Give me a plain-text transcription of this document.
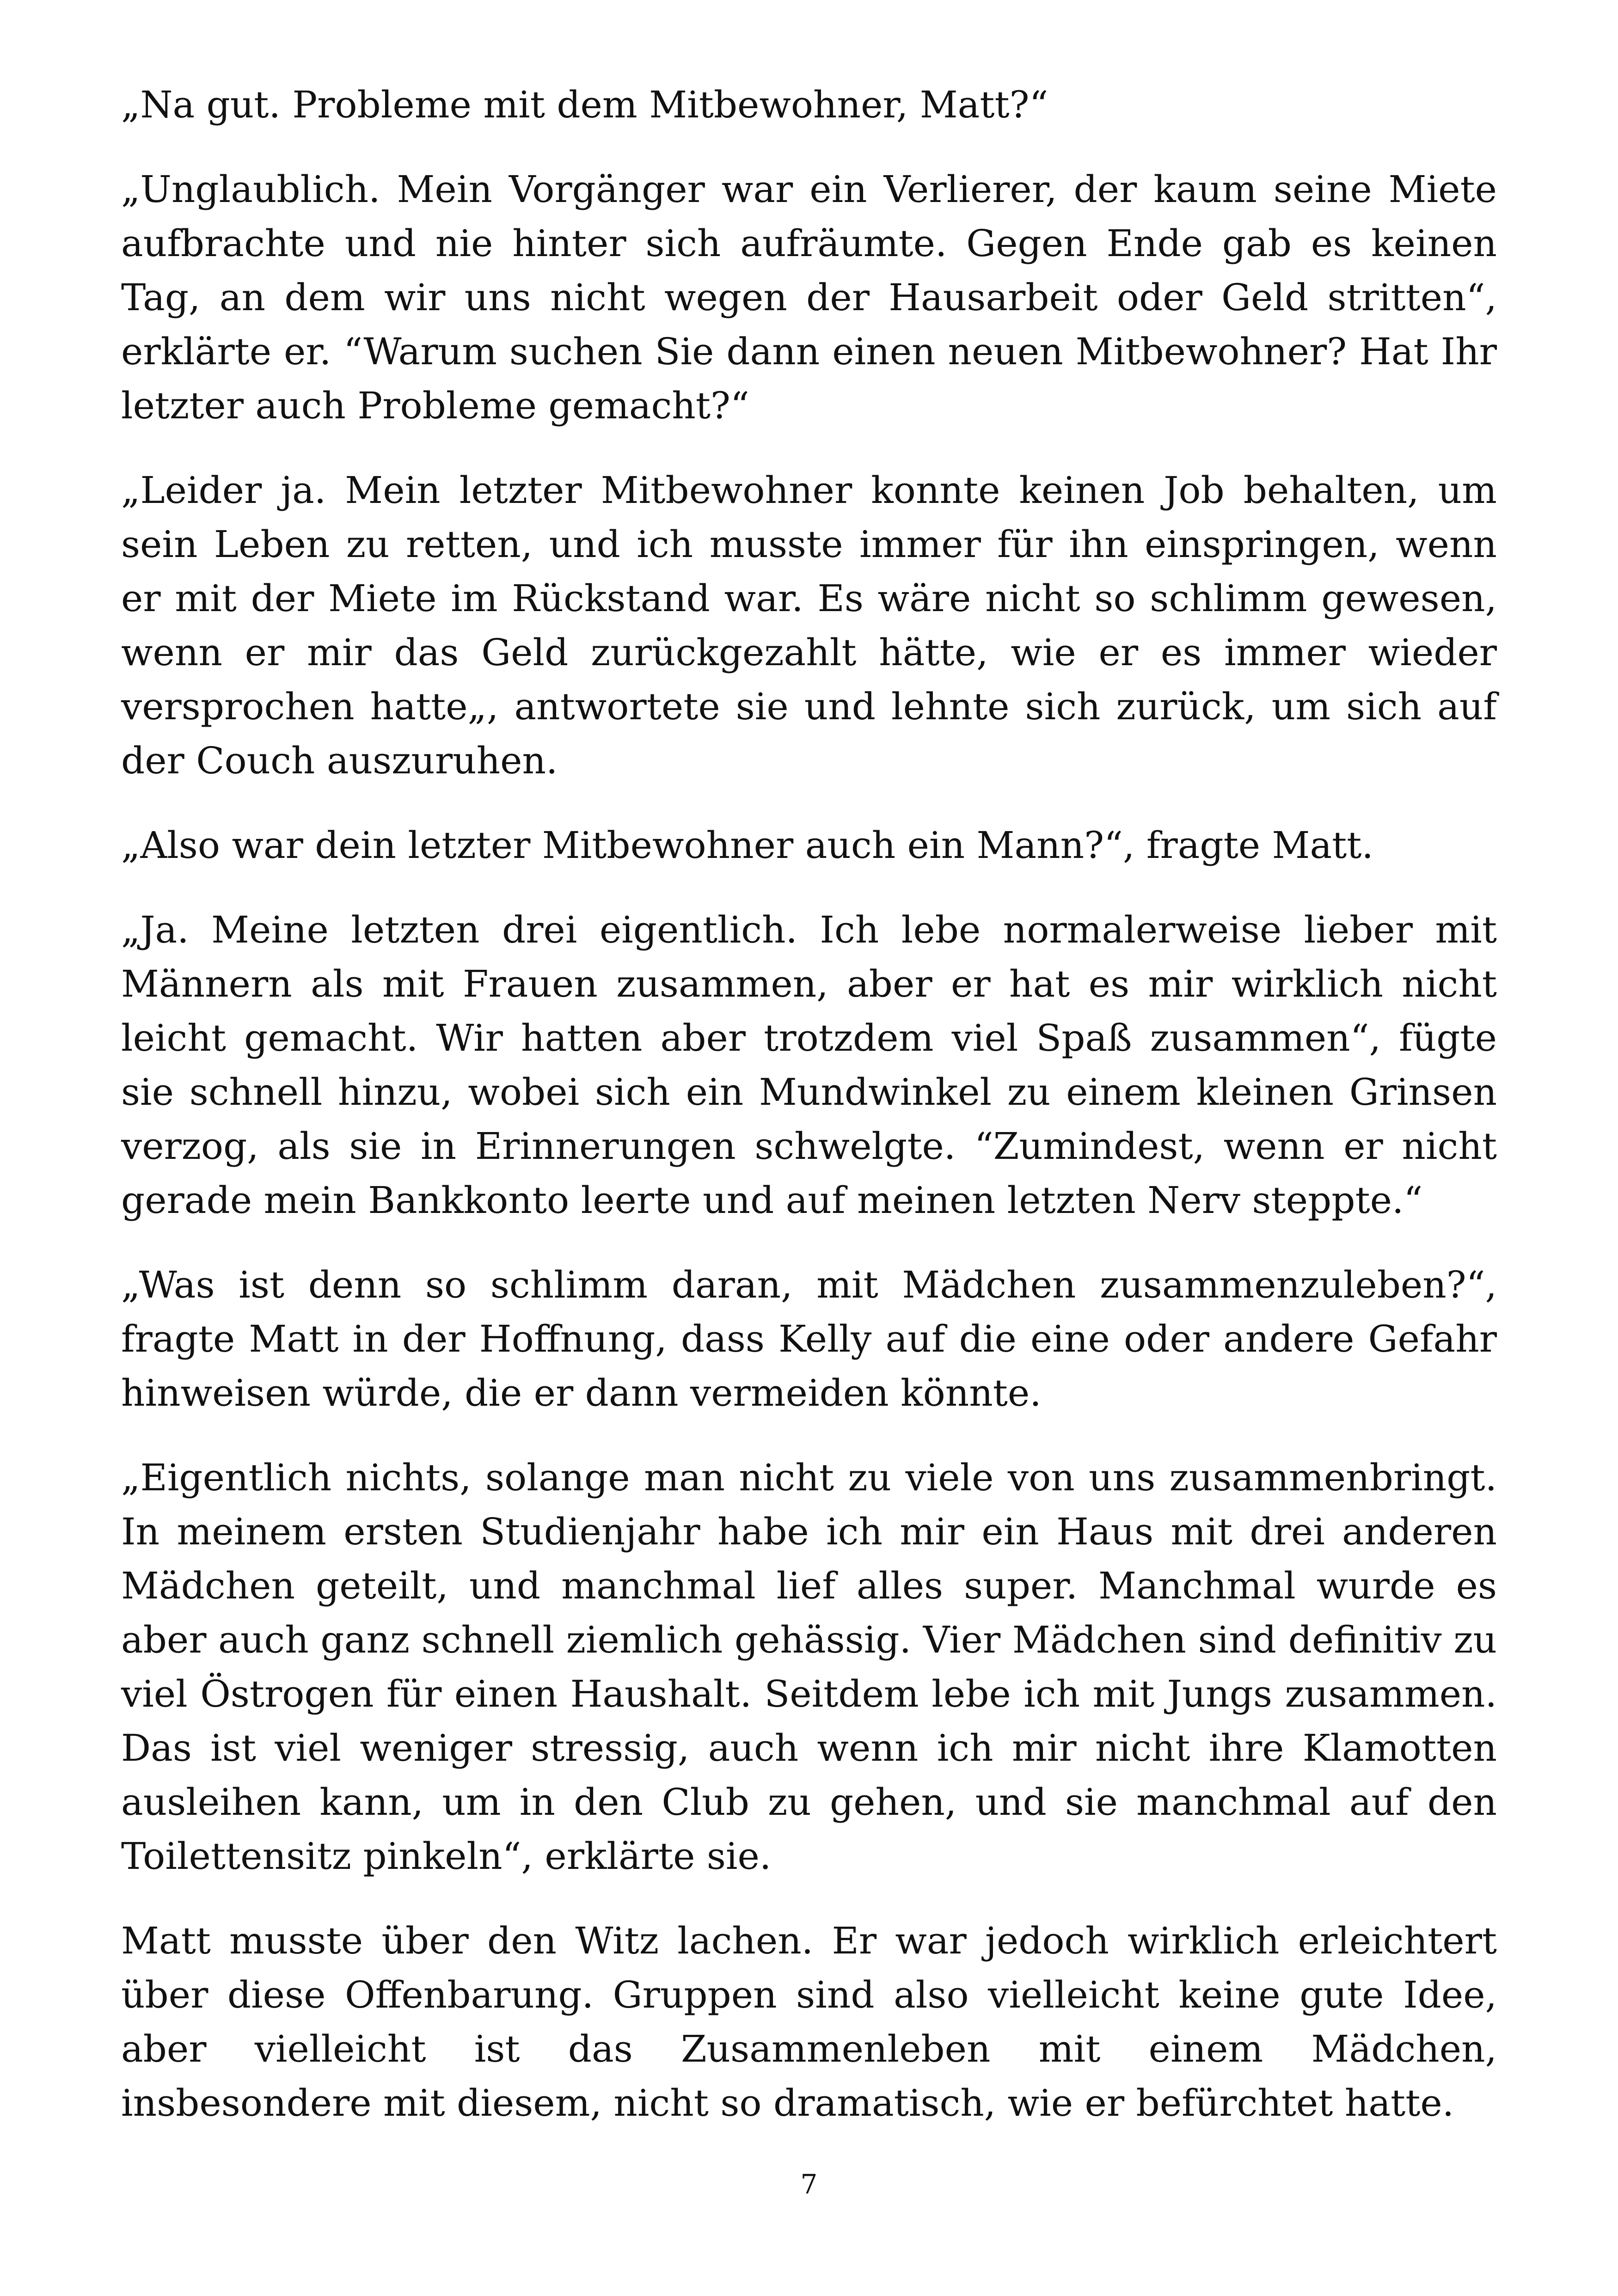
„Na gut. Probleme mit dem Mitbewohner, Matt?“

„Unglaublich. Mein Vorgänger war ein Verlierer, der kaum seine Miete aufbrachte und nie hinter sich aufräumte. Gegen Ende gab es keinen Tag, an dem wir uns nicht wegen der Hausarbeit oder Geld stritten“, erklärte er. “Warum suchen Sie dann einen neuen Mitbewohner? Hat Ihr letzter auch Probleme gemacht?“

„Leider ja. Mein letzter Mitbewohner konnte keinen Job behalten, um sein Leben zu retten, und ich musste immer für ihn einspringen, wenn er mit der Miete im Rückstand war. Es wäre nicht so schlimm gewesen, wenn er mir das Geld zurückgezahlt hätte, wie er es immer wieder versprochen hatte„, antwortete sie und lehnte sich zurück, um sich auf der Couch auszuruhen.

„Also war dein letzter Mitbewohner auch ein Mann?“, fragte Matt.

„Ja. Meine letzten drei eigentlich. Ich lebe normalerweise lieber mit Männern als mit Frauen zusammen, aber er hat es mir wirklich nicht leicht gemacht. Wir hatten aber trotzdem viel Spaß zusammen“, fügte sie schnell hinzu, wobei sich ein Mundwinkel zu einem kleinen Grinsen verzog, als sie in Erinnerungen schwelgte. “Zumindest, wenn er nicht gerade mein Bankkonto leerte und auf meinen letzten Nerv steppte.“

„Was ist denn so schlimm daran, mit Mädchen zusammenzuleben?“, fragte Matt in der Hoffnung, dass Kelly auf die eine oder andere Gefahr hinweisen würde, die er dann vermeiden könnte.

„Eigentlich nichts, solange man nicht zu viele von uns zusammenbringt. In meinem ersten Studienjahr habe ich mir ein Haus mit drei anderen Mädchen geteilt, und manchmal lief alles super. Manchmal wurde es aber auch ganz schnell ziemlich gehässig. Vier Mädchen sind definitiv zu viel Östrogen für einen Haushalt. Seitdem lebe ich mit Jungs zusammen. Das ist viel weniger stressig, auch wenn ich mir nicht ihre Klamotten ausleihen kann, um in den Club zu gehen, und sie manchmal auf den Toilettensitz pinkeln“, erklärte sie.

Matt musste über den Witz lachen. Er war jedoch wirklich erleichtert über diese Offenbarung. Gruppen sind also vielleicht keine gute Idee, aber vielleicht ist das Zusammenleben mit einem Mädchen, insbesondere mit diesem, nicht so dramatisch, wie er befürchtet hatte.

7
